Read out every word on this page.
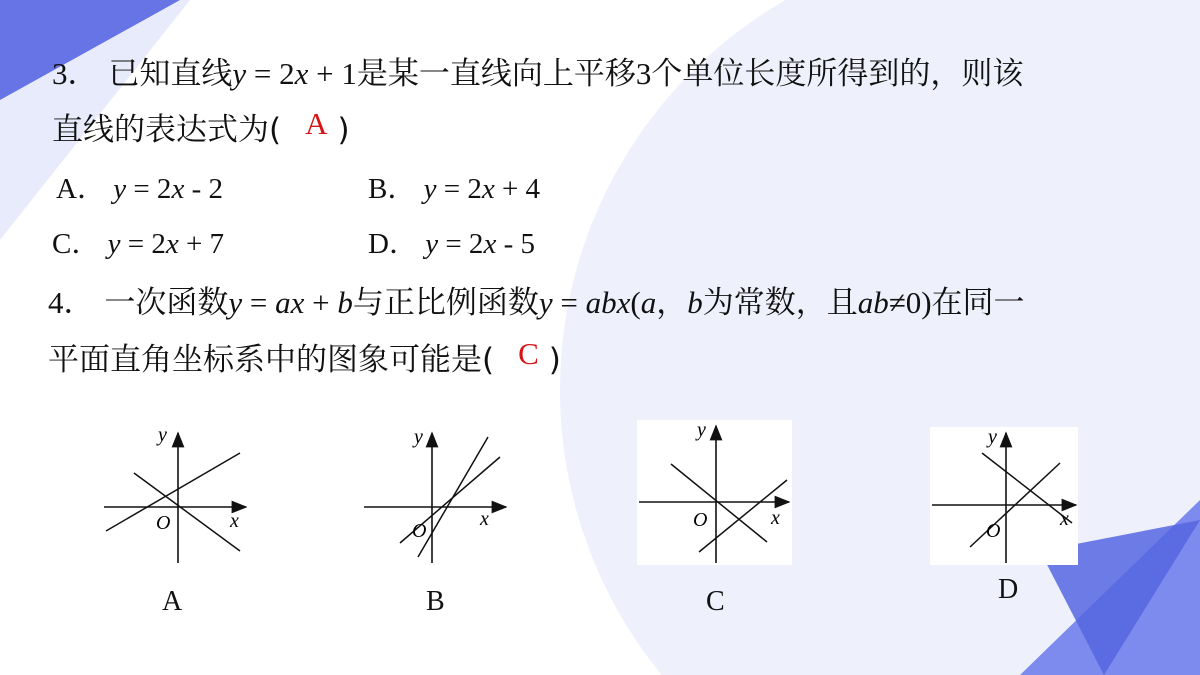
3． 已知直线y = 2x + 1是某一直线向上平移3个单位长度所得到的，则该
直线的表达式为( A )
A． y = 2x - 2	B． y = 2x + 4
C． y = 2x + 7	D． y = 2x - 5
4． 一次函数y = ax + b与正比例函数y = abx(a，b为常数，且ab≠0)在同一
平面直角坐标系中的图象可能是( C )
y
x
O
A
y
x
O
B
y
x
O
C
y
x
O
D
